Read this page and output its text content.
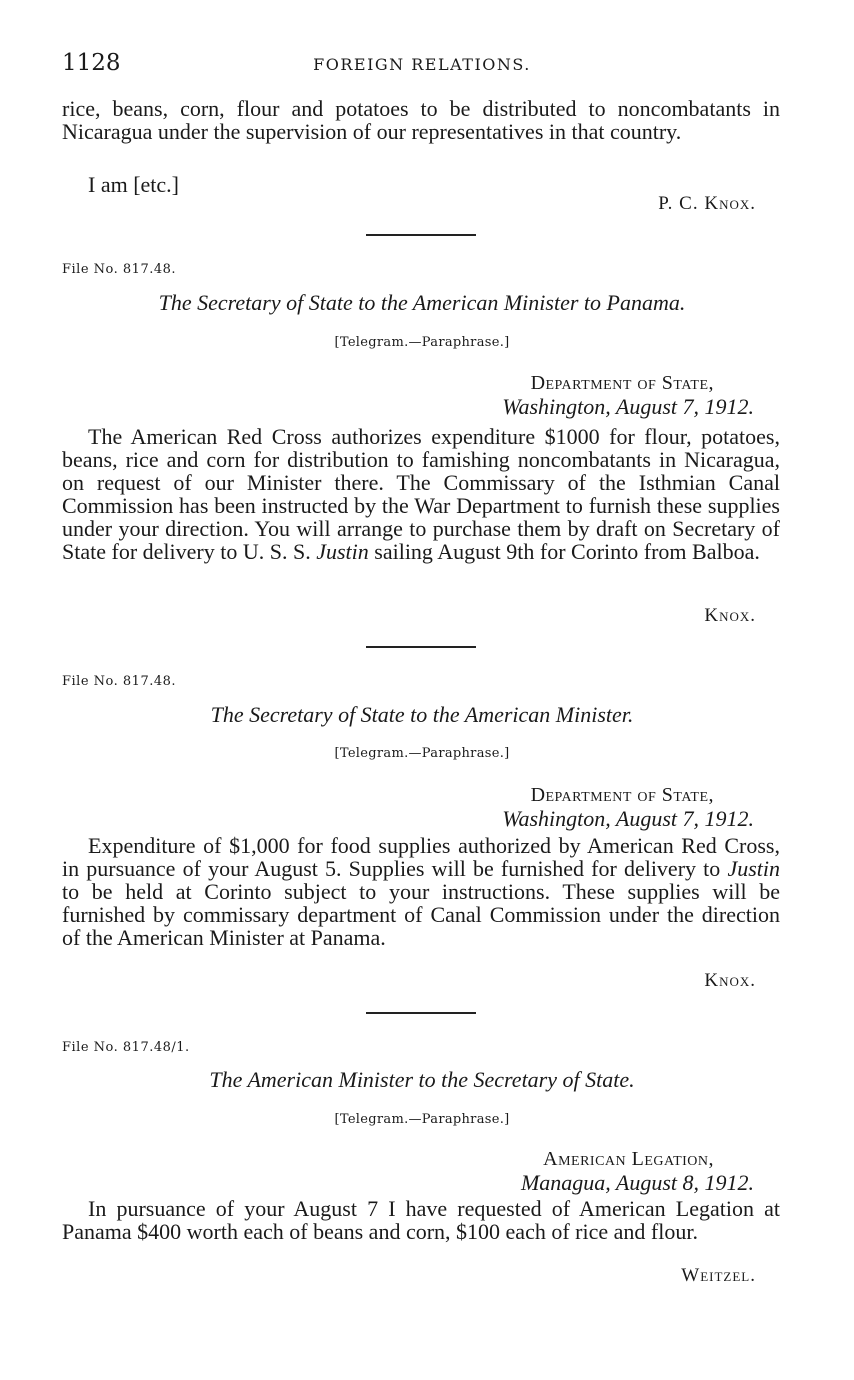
1128	FOREIGN RELATIONS.
rice, beans, corn, flour and potatoes to be distributed to noncombatants in Nicaragua under the supervision of our representatives in that country.
I am [etc.]
P. C. Knox.
File No. 817.48.
The Secretary of State to the American Minister to Panama.
[Telegram.—Paraphrase.]
Department of State,
Washington, August 7, 1912.
The American Red Cross authorizes expenditure $1000 for flour, potatoes, beans, rice and corn for distribution to famishing noncombatants in Nicaragua, on request of our Minister there. The Commissary of the Isthmian Canal Commission has been instructed by the War Department to furnish these supplies under your direction. You will arrange to purchase them by draft on Secretary of State for delivery to U. S. S. Justin sailing August 9th for Corinto from Balboa.
Knox.
File No. 817.48.
The Secretary of State to the American Minister.
[Telegram.—Paraphrase.]
Department of State,
Washington, August 7, 1912.
Expenditure of $1,000 for food supplies authorized by American Red Cross, in pursuance of your August 5. Supplies will be furnished for delivery to Justin to be held at Corinto subject to your instructions. These supplies will be furnished by commissary department of Canal Commission under the direction of the American Minister at Panama.
Knox.
File No. 817.48/1.
The American Minister to the Secretary of State.
[Telegram.—Paraphrase.]
American Legation,
Managua, August 8, 1912.
In pursuance of your August 7 I have requested of American Legation at Panama $400 worth each of beans and corn, $100 each of rice and flour.
Weitzel.
